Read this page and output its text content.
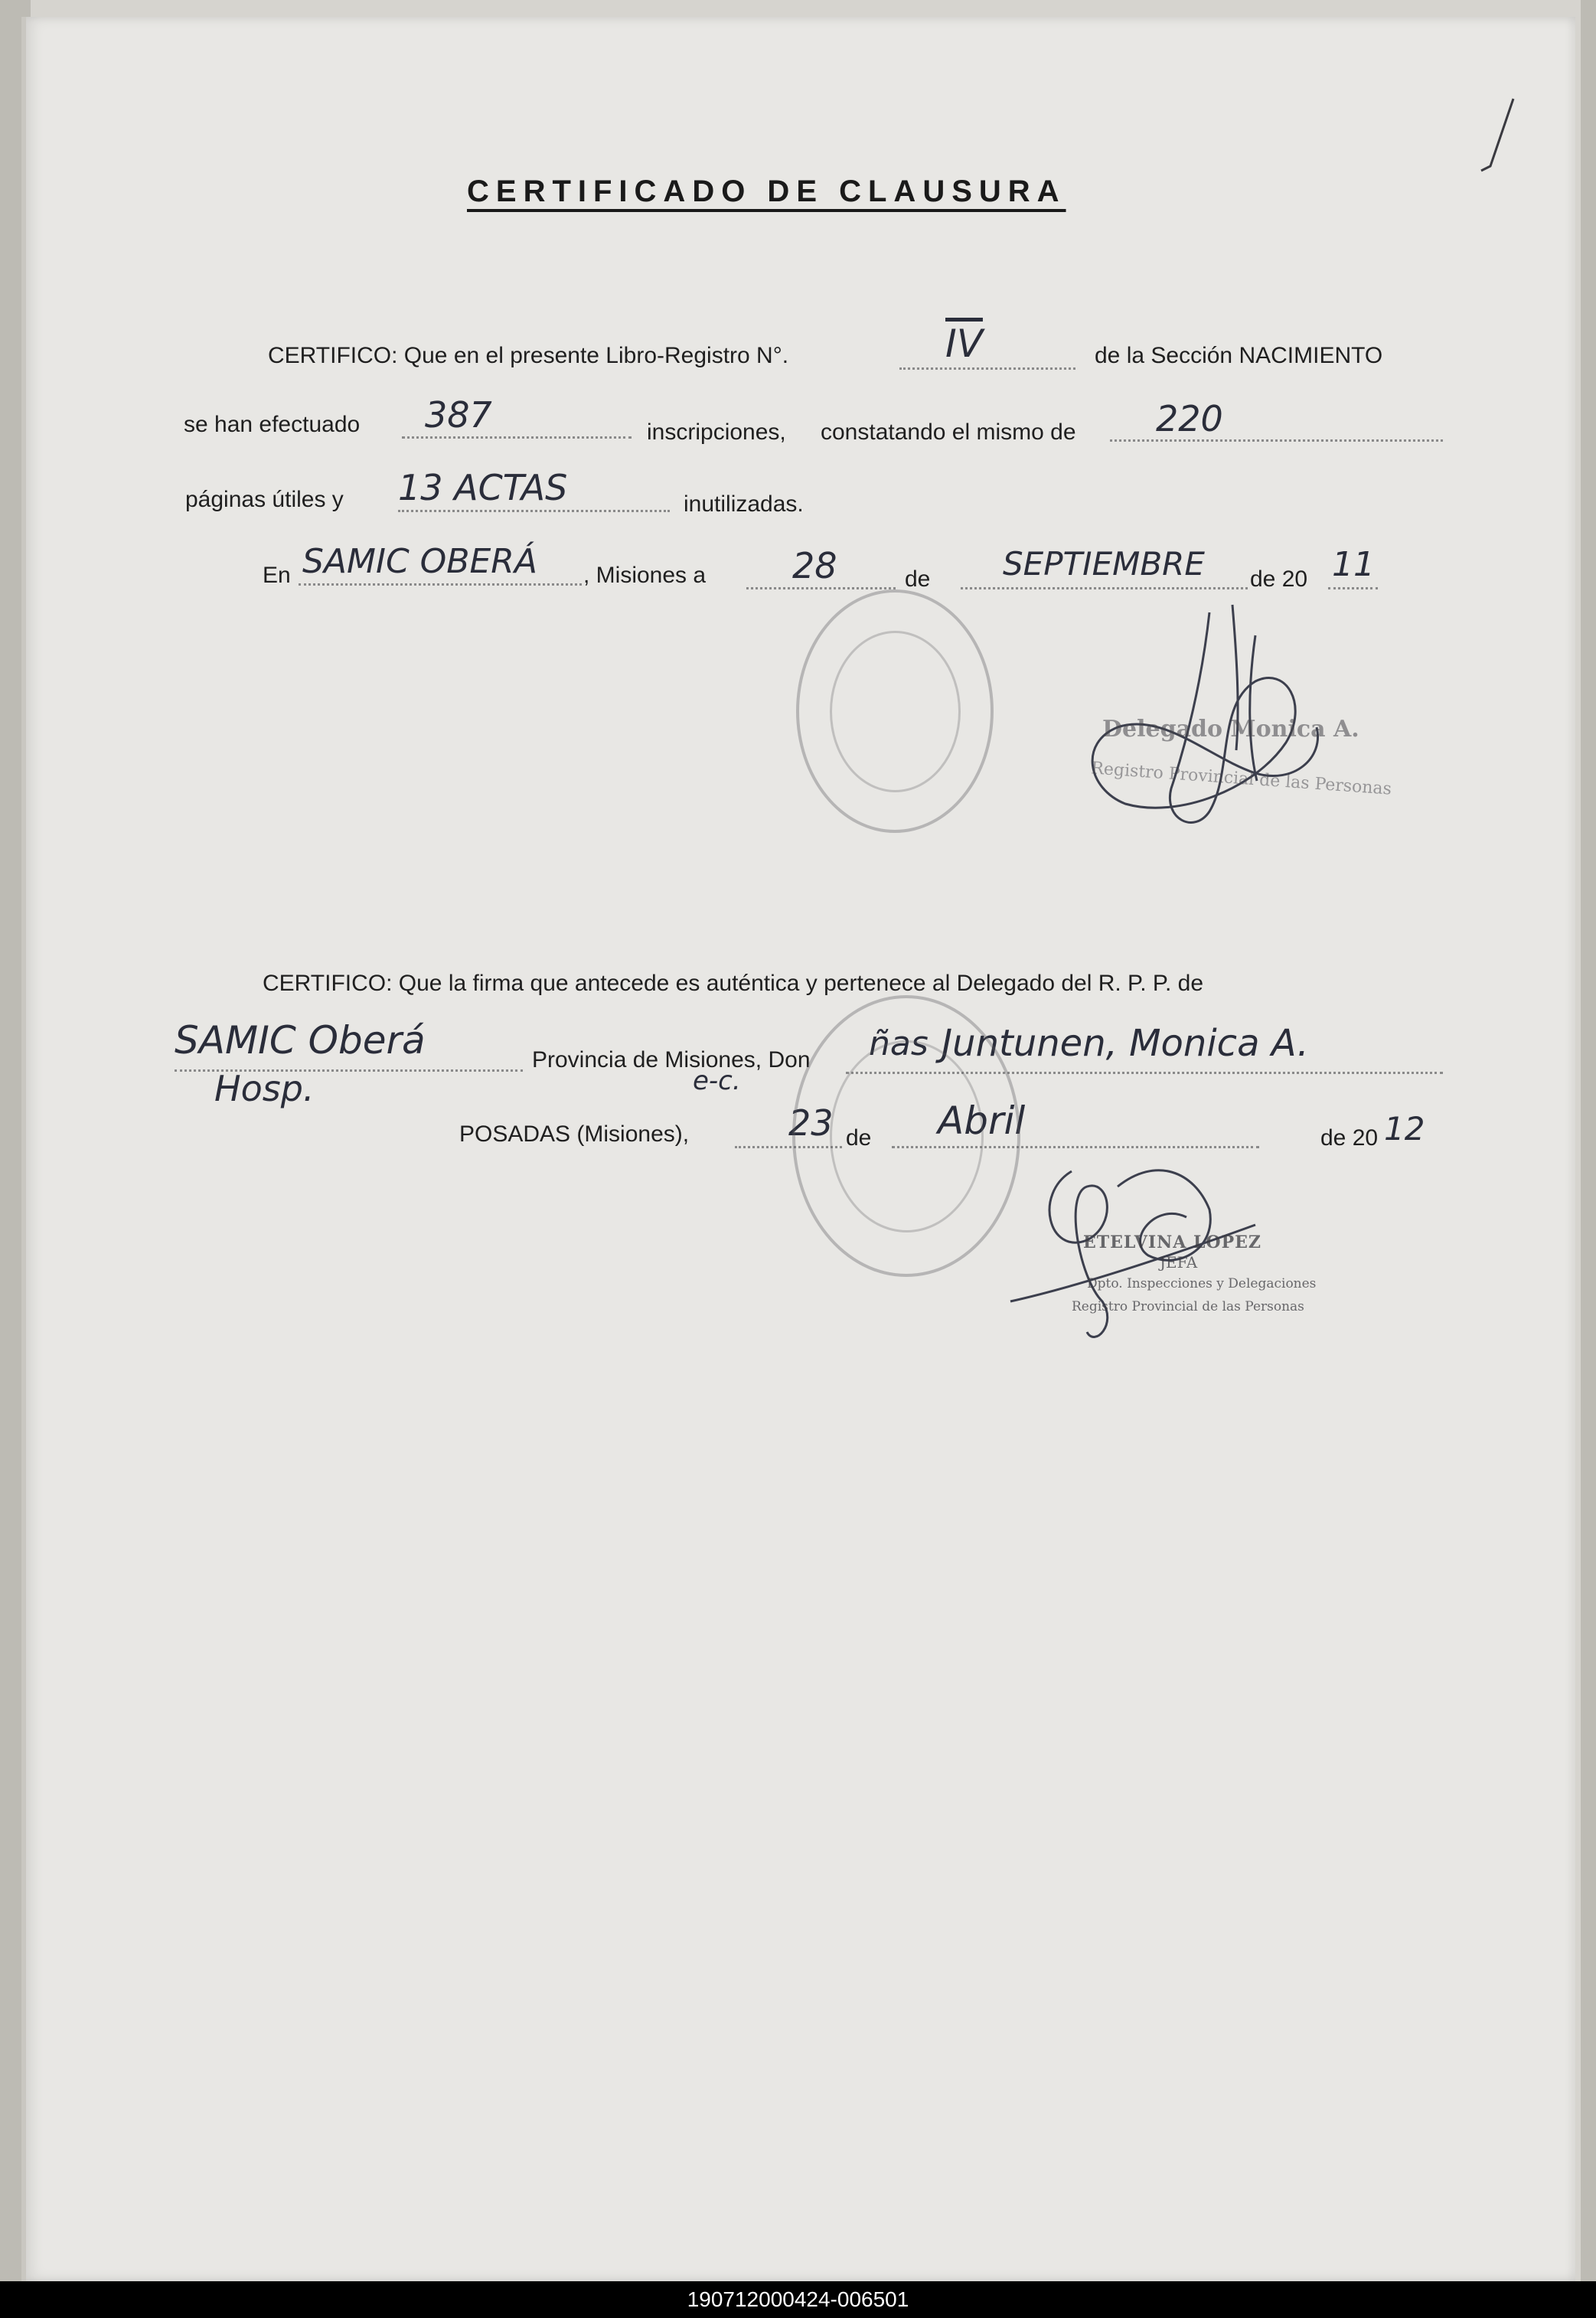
CERTIFICADO DE CLAUSURA
CERTIFICO: Que en el presente Libro-Registro N°.	$\overline{IV}$	de la Sección NACIMIENTO
se han efectuado 387	inscripciones, constatando el mismo de 220
páginas útiles y 13 ACTAS	inutilizadas.
En SAMIC OBERÁ , Misiones a 28	de SEPTIEMBRE de 20 11
Delegado Monica A.
Registro Provincial de las Personas
CERTIFICO: Que la firma que antecede es auténtica y pertenece al Delegado del R. P. P. de
SAMIC Oberá
Hosp.
Provincia de Misiones, Don ñas Juntunen, Monica A.
e-c.
POSADAS (Misiones),	23 de Abril	de 20 12
ETELVINA LOPEZ
JEFA
Dpto. Inspecciones y Delegaciones
Registro Provincial de las Personas
190712000424-006501
